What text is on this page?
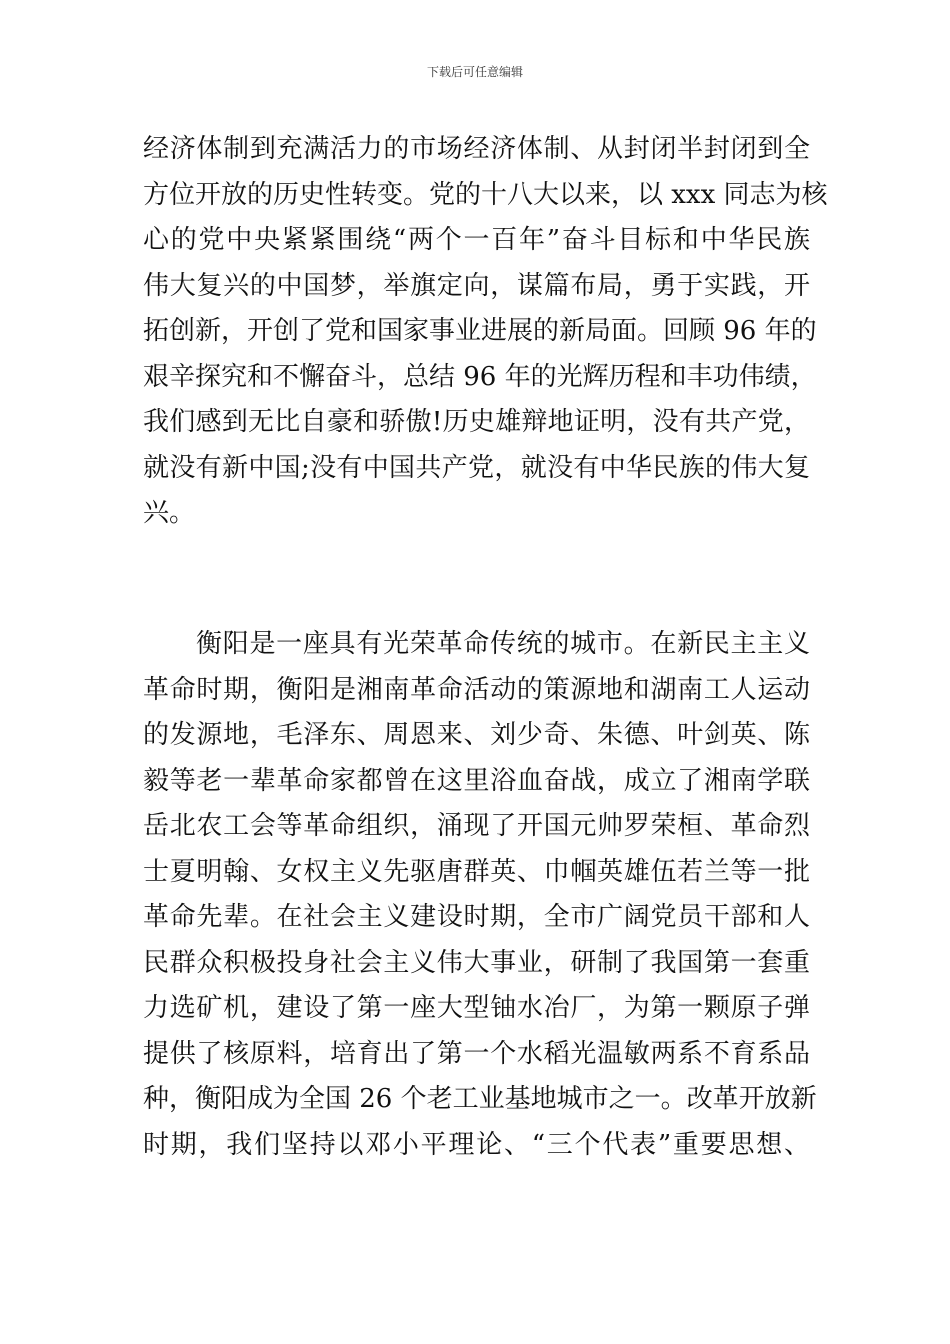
下载后可任意编辑
经济体制到充满活力的市场经济体制、从封闭半封闭到全
方位开放的历史性转变。党的十八大以来，以 xxx 同志为核
心的党中央紧紧围绕“两个一百年”奋斗目标和中华民族
伟大复兴的中国梦，举旗定向，谋篇布局，勇于实践，开
拓创新，开创了党和国家事业进展的新局面。回顾 96 年的
艰辛探究和不懈奋斗，总结 96 年的光辉历程和丰功伟绩，
我们感到无比自豪和骄傲!历史雄辩地证明，没有共产党，
就没有新中国;没有中国共产党，就没有中华民族的伟大复
兴。
衡阳是一座具有光荣革命传统的城市。在新民主主义
革命时期，衡阳是湘南革命活动的策源地和湖南工人运动
的发源地，毛泽东、周恩来、刘少奇、朱德、叶剑英、陈
毅等老一辈革命家都曾在这里浴血奋战，成立了湘南学联
岳北农工会等革命组织，涌现了开国元帅罗荣桓、革命烈
士夏明翰、女权主义先驱唐群英、巾帼英雄伍若兰等一批
革命先辈。在社会主义建设时期，全市广阔党员干部和人
民群众积极投身社会主义伟大事业，研制了我国第一套重
力选矿机，建设了第一座大型铀水冶厂，为第一颗原子弹
提供了核原料，培育出了第一个水稻光温敏两系不育系品
种，衡阳成为全国 26 个老工业基地城市之一。改革开放新
时期，我们坚持以邓小平理论、“三个代表”重要思想、
